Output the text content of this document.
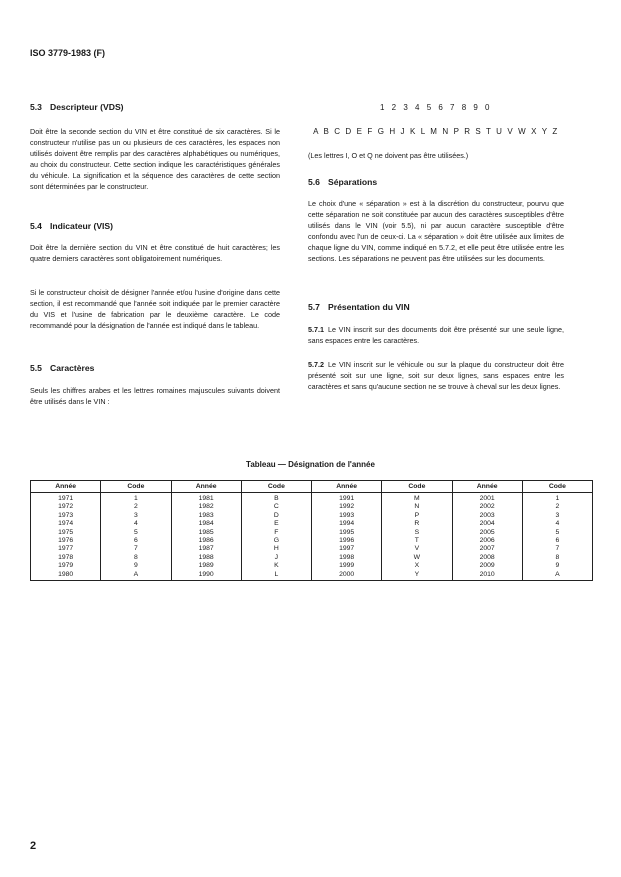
ISO 3779-1983 (F)
5.3 Descripteur (VDS)
Doit être la seconde section du VIN et être constitué de six caractères. Si le constructeur n'utilise pas un ou plusieurs de ces caractères, les espaces non utilisés doivent être remplis par des caractères alphabétiques ou numériques, au choix du constructeur. Cette section indique les caractéristiques générales du véhicule. La signification et la séquence des caractères de cette section sont déterminées par le constructeur.
5.4 Indicateur (VIS)
Doit être la dernière section du VIN et être constitué de huit caractères; les quatre derniers caractères sont obligatoirement numériques.
Si le constructeur choisit de désigner l'année et/ou l'usine d'origine dans cette section, il est recommandé que l'année soit indiquée par le premier caractère du VIS et l'usine de fabrication par le deuxième caractère. Le code recommandé pour la désignation de l'année est indiqué dans le tableau.
5.5 Caractères
Seuls les chiffres arabes et les lettres romaines majuscules suivants doivent être utilisés dans le VIN :
1 2 3 4 5 6 7 8 9 0
A B C D E F G H J K L M N P R S T U V W X Y Z
(Les lettres I, O et Q ne doivent pas être utilisées.)
5.6 Séparations
Le choix d'une « séparation » est à la discrétion du constructeur, pourvu que cette séparation ne soit constituée par aucun des caractères susceptibles d'être utilisés dans le VIN (voir 5.5), ni par aucun caractère susceptible d'être confondu avec l'un de ceux-ci. La « séparation » doit être utilisée aux limites de chaque ligne du VIN, comme indiqué en 5.7.2, et elle peut être utilisée entre les sections. Les séparations ne peuvent pas être utilisées sur les documents.
5.7 Présentation du VIN
5.7.1 Le VIN inscrit sur des documents doit être présenté sur une seule ligne, sans espaces entre les caractères.
5.7.2 Le VIN inscrit sur le véhicule ou sur la plaque du constructeur doit être présenté soit sur une ligne, soit sur deux lignes, sans espaces entre les caractères et sans qu'aucune section ne se trouve à cheval sur les deux lignes.
Tableau — Désignation de l'année
Année	Code	Année	Code	Année	Code	Année	Code
1971	1	1981	B	1991	M	2001	1
1972	2	1982	C	1992	N	2002	2
1973	3	1983	D	1993	P	2003	3
1974	4	1984	E	1994	R	2004	4
1975	5	1985	F	1995	S	2005	5
1976	6	1986	G	1996	T	2006	6
1977	7	1987	H	1997	V	2007	7
1978	8	1988	J	1998	W	2008	8
1979	9	1989	K	1999	X	2009	9
1980	A	1990	L	2000	Y	2010	A
2
